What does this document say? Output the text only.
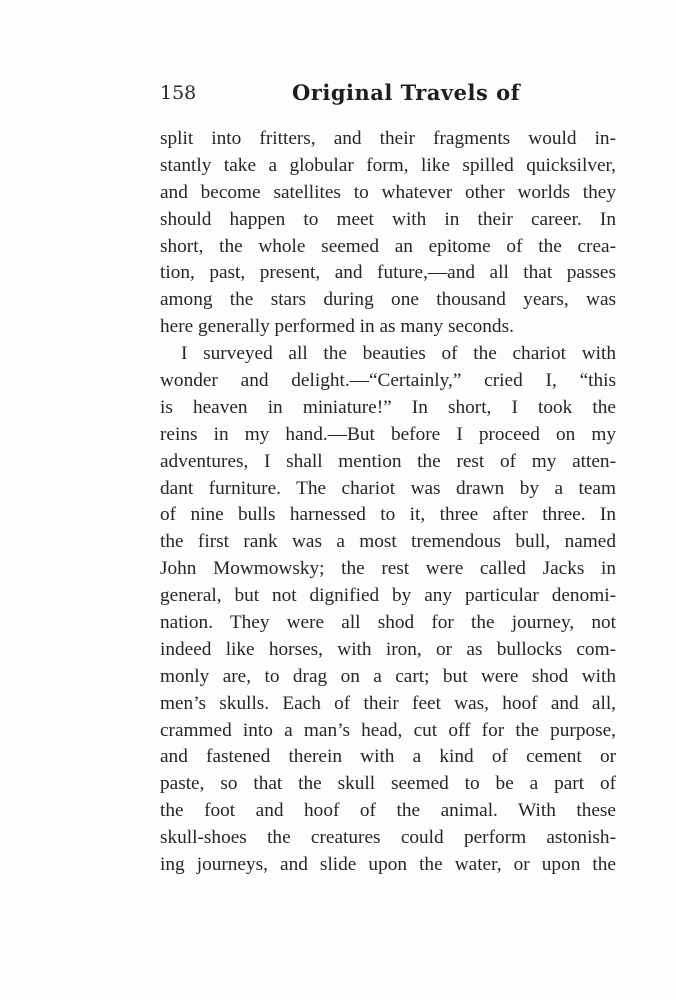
158	Original Travels of
split into fritters, and their fragments would in-
stantly take a globular form, like spilled quicksilver,
and become satellites to whatever other worlds they
should happen to meet with in their career. In
short, the whole seemed an epitome of the crea-
tion, past, present, and future,—and all that passes
among the stars during one thousand years, was
here generally performed in as many seconds.
I surveyed all the beauties of the chariot with
wonder and delight.—“Certainly,” cried I, “this
is heaven in miniature!” In short, I took the
reins in my hand.—But before I proceed on my
adventures, I shall mention the rest of my atten-
dant furniture. The chariot was drawn by a team
of nine bulls harnessed to it, three after three. In
the first rank was a most tremendous bull, named
John Mowmowsky; the rest were called Jacks in
general, but not dignified by any particular denomi-
nation. They were all shod for the journey, not
indeed like horses, with iron, or as bullocks com-
monly are, to drag on a cart; but were shod with
men’s skulls. Each of their feet was, hoof and all,
crammed into a man’s head, cut off for the purpose,
and fastened therein with a kind of cement or
paste, so that the skull seemed to be a part of
the foot and hoof of the animal. With these
skull-shoes the creatures could perform astonish-
ing journeys, and slide upon the water, or upon the
